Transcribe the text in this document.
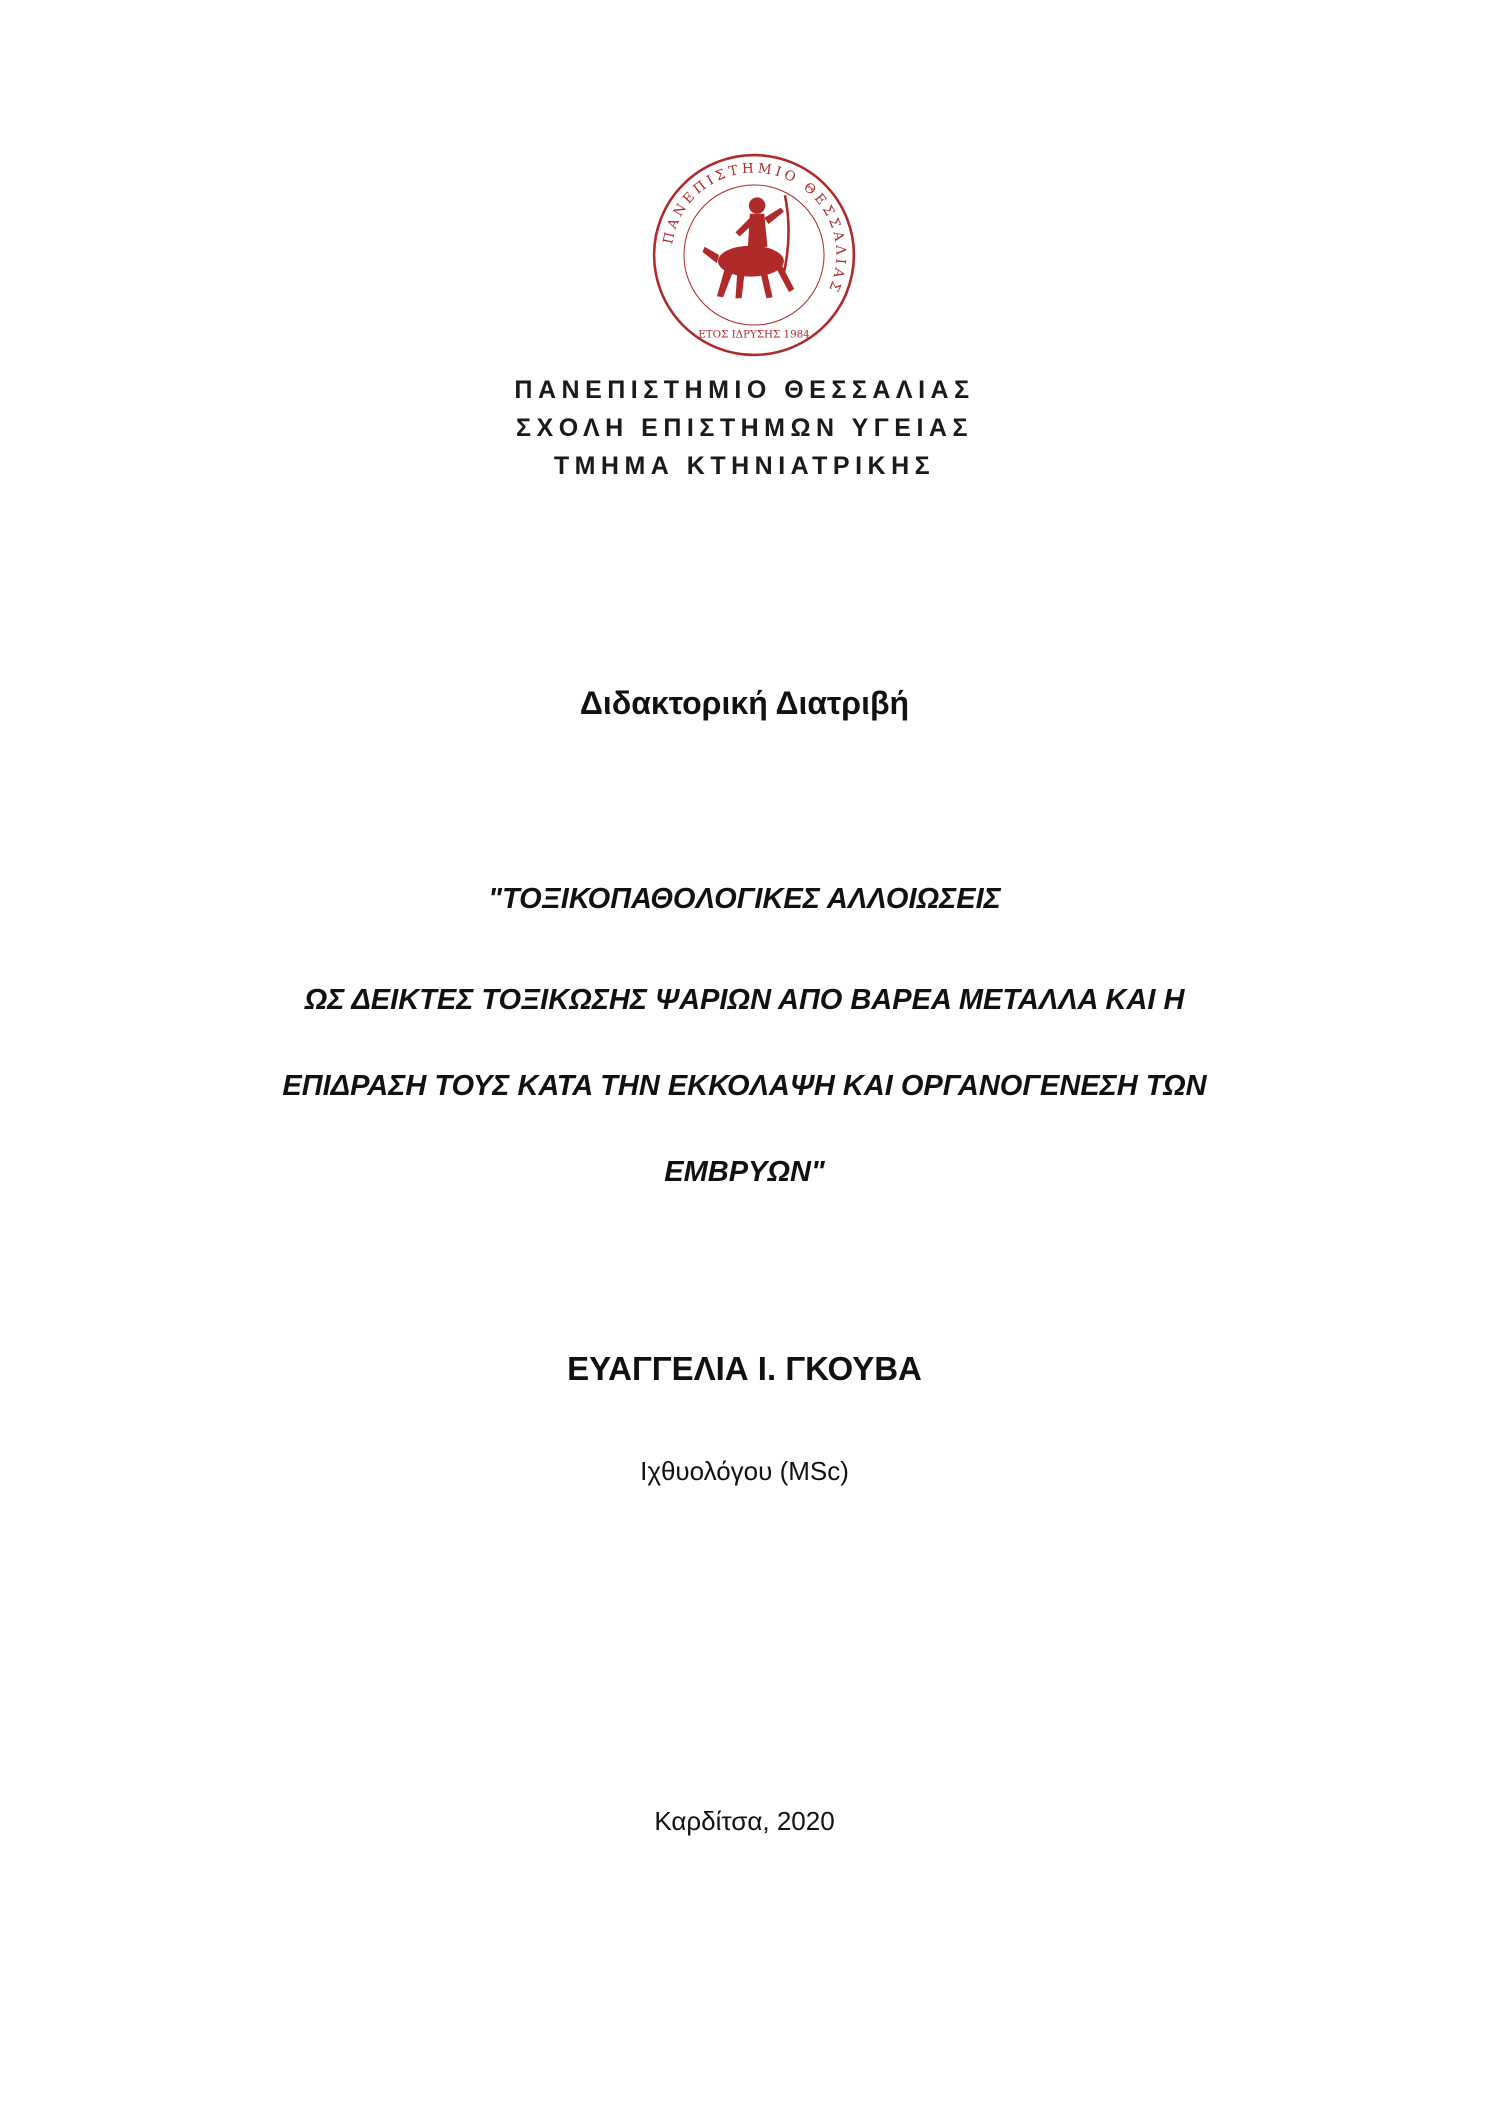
ΠΑΝΕΠΙΣΤΗΜΙΟ ΘΕΣΣΑΛΙΑΣ
ΕΤΟΣ ΙΔΡΥΣΗΣ 1984
ΠΑΝΕΠΙΣΤΗΜΙΟ ΘΕΣΣΑΛΙΑΣ
ΣΧΟΛΗ ΕΠΙΣΤΗΜΩΝ ΥΓΕΙΑΣ
ΤΜΗΜΑ ΚΤΗΝΙΑΤΡΙΚΗΣ
Διδακτορική Διατριβή
"ΤΟΞΙΚΟΠΑΘΟΛΟΓΙΚΕΣ ΑΛΛΟΙΩΣΕΙΣ
ΩΣ ΔΕΙΚΤΕΣ ΤΟΞΙΚΩΣΗΣ ΨΑΡΙΩΝ ΑΠΟ ΒΑΡΕΑ ΜΕΤΑΛΛΑ ΚΑΙ Η
ΕΠΙΔΡΑΣΗ ΤΟΥΣ ΚΑΤΑ ΤΗΝ ΕΚΚΟΛΑΨΗ ΚΑΙ ΟΡΓΑΝΟΓΕΝΕΣΗ ΤΩΝ
ΕΜΒΡΥΩΝ"
ΕΥΑΓΓΕΛΙΑ Ι. ΓΚΟΥΒΑ
Ιχθυολόγου (MSc)
Καρδίτσα, 2020
